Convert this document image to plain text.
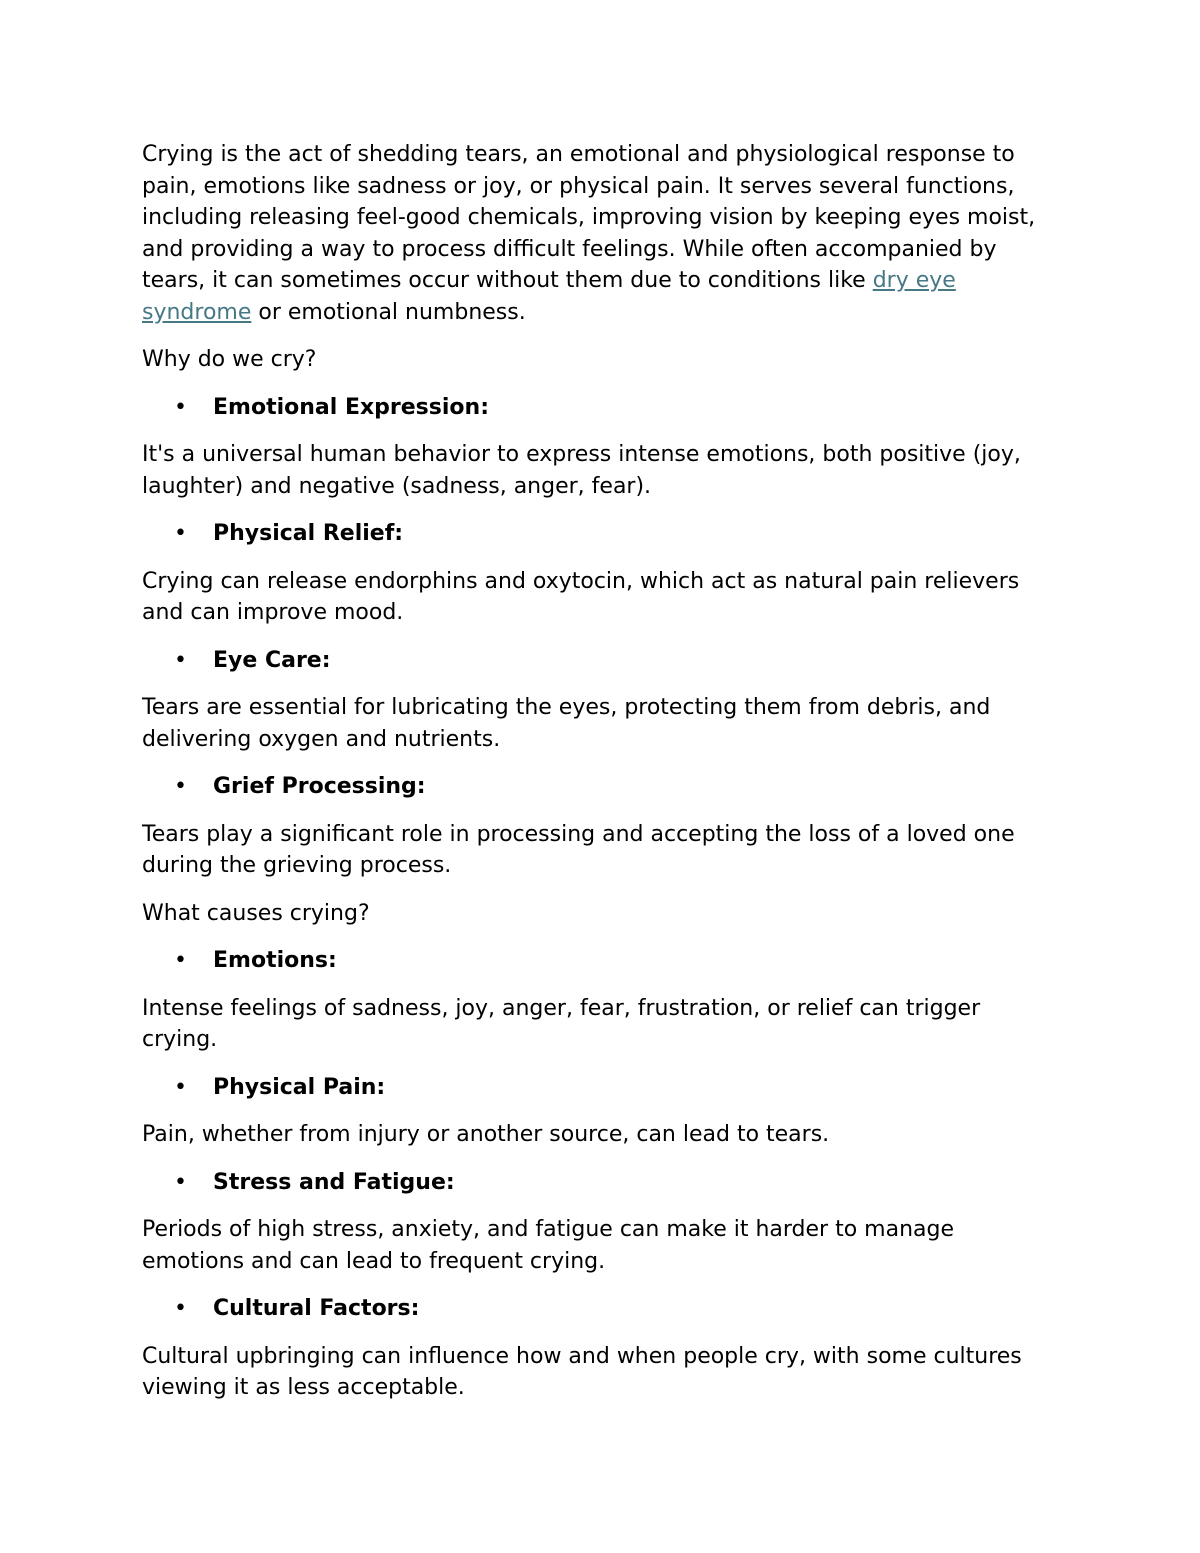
Crying is the act of shedding tears, an emotional and physiological response to pain, emotions like sadness or joy, or physical pain. It serves several functions, including releasing feel-good chemicals, improving vision by keeping eyes moist, and providing a way to process difficult feelings. While often accompanied by tears, it can sometimes occur without them due to conditions like dry eye syndrome or emotional numbness.

Why do we cry?

• Emotional Expression:

It's a universal human behavior to express intense emotions, both positive (joy, laughter) and negative (sadness, anger, fear).

• Physical Relief:

Crying can release endorphins and oxytocin, which act as natural pain relievers and can improve mood.

• Eye Care:

Tears are essential for lubricating the eyes, protecting them from debris, and delivering oxygen and nutrients.

• Grief Processing:

Tears play a significant role in processing and accepting the loss of a loved one during the grieving process.

What causes crying?

• Emotions:

Intense feelings of sadness, joy, anger, fear, frustration, or relief can trigger crying.

• Physical Pain:

Pain, whether from injury or another source, can lead to tears.

• Stress and Fatigue:

Periods of high stress, anxiety, and fatigue can make it harder to manage emotions and can lead to frequent crying.

• Cultural Factors:

Cultural upbringing can influence how and when people cry, with some cultures viewing it as less acceptable.
